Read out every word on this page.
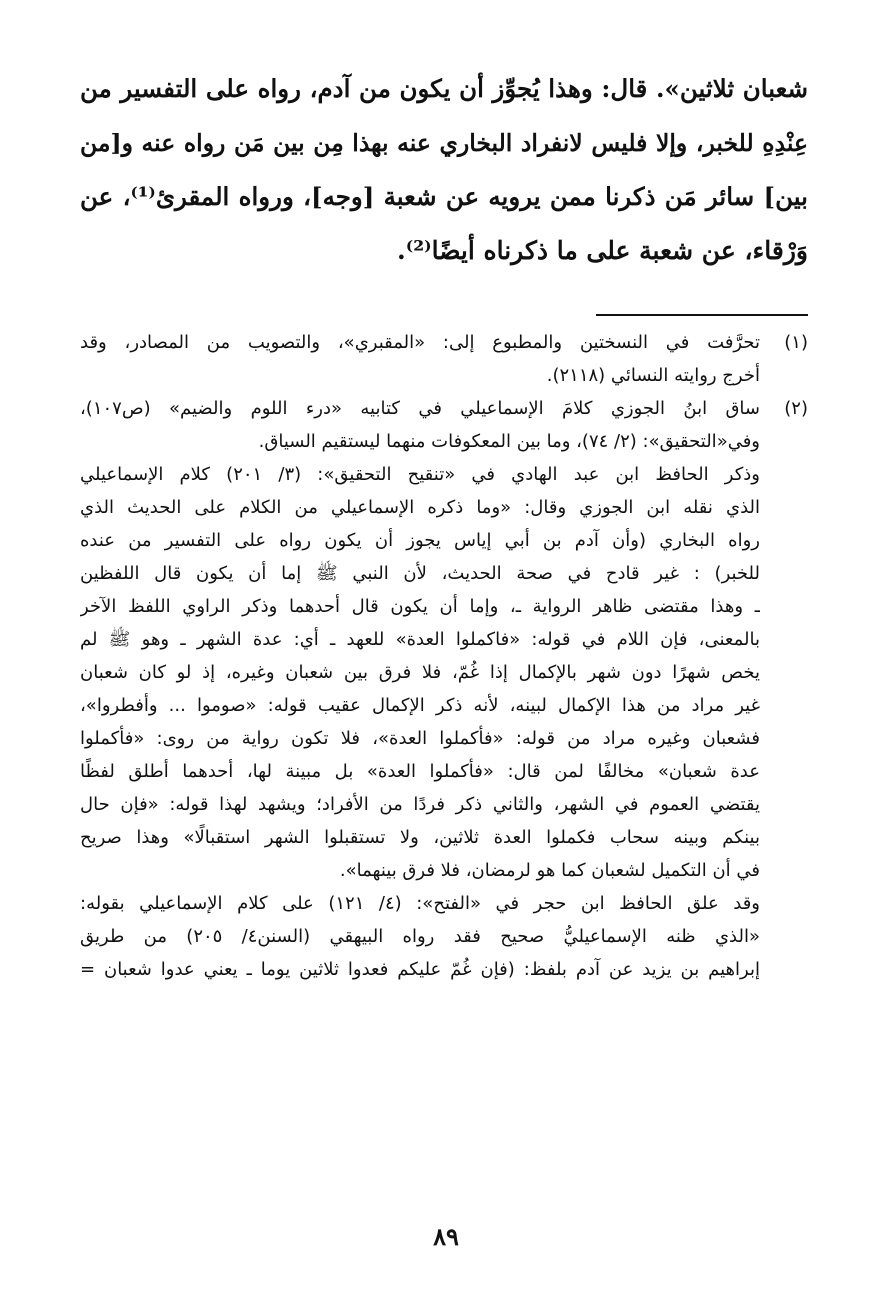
شعبان ثلاثين». قال: وهذا يُجوِّز أن يكون من آدم، رواه على التفسير من
عِنْدِهِ للخبر، وإلا فليس لانفراد البخاري عنه بهذا مِن بين مَن رواه عنه و[من
بين] سائر مَن ذكرنا ممن يرويه عن شعبة [وجه]، ورواه المقرئ⁽¹⁾، عن
وَرْقاء، عن شعبة على ما ذكرناه أيضًا⁽²⁾.

(١)
تحرَّفت في النسختين والمطبوع إلى: «المقبري»، والتصويب من المصادر، وقد
أخرج روايته النسائي (٢١١٨).
(٢)
ساق ابنُ الجوزي كلامَ الإسماعيلي في كتابيه «درء اللوم والضيم» (ص١٠٧)،
وفي«التحقيق»: (٢/ ٧٤)، وما بين المعكوفات منهما ليستقيم السياق.
وذكر الحافظ ابن عبد الهادي في «تنقيح التحقيق»: (٣/ ٢٠١) كلام الإسماعيلي
الذي نقله ابن الجوزي وقال: «وما ذكره الإسماعيلي من الكلام على الحديث الذي
رواه البخاري (وأن آدم بن أبي إياس يجوز أن يكون رواه على التفسير من عنده
للخبر) : غير قادح في صحة الحديث، لأن النبي ﷺ إما أن يكون قال اللفظين
ـ وهذا مقتضى ظاهر الرواية ـ، وإما أن يكون قال أحدهما وذكر الراوي اللفظ الآخر
بالمعنى، فإن اللام في قوله: «فاكملوا العدة» للعهد ـ أي: عدة الشهر ـ وهو ﷺ لم
يخص شهرًا دون شهر بالإكمال إذا غُمّ، فلا فرق بين شعبان وغيره، إذ لو كان شعبان
غير مراد من هذا الإكمال لبينه، لأنه ذكر الإكمال عقيب قوله: «صوموا ... وأفطروا»،
فشعبان وغيره مراد من قوله: «فأكملوا العدة»، فلا تكون رواية من روى: «فأكملوا
عدة شعبان» مخالفًا لمن قال: «فأكملوا العدة» بل مبينة لها، أحدهما أطلق لفظًا
يقتضي العموم في الشهر، والثاني ذكر فردًا من الأفراد؛ ويشهد لهذا قوله: «فإن حال
بينكم وبينه سحاب فكملوا العدة ثلاثين، ولا تستقبلوا الشهر استقبالًا» وهذا صريح
في أن التكميل لشعبان كما هو لرمضان، فلا فرق بينهما».
وقد علق الحافظ ابن حجر في «الفتح»: (٤/ ١٢١) على كلام الإسماعيلي بقوله:
«الذي ظنه الإسماعيليُّ صحيح فقد رواه البيهقي (السنن٤/ ٢٠٥) من طريق
إبراهيم بن يزيد عن آدم بلفظ: (فإن غُمّ عليكم فعدوا ثلاثين يوما ـ يعني عدوا شعبان =
٨٩
